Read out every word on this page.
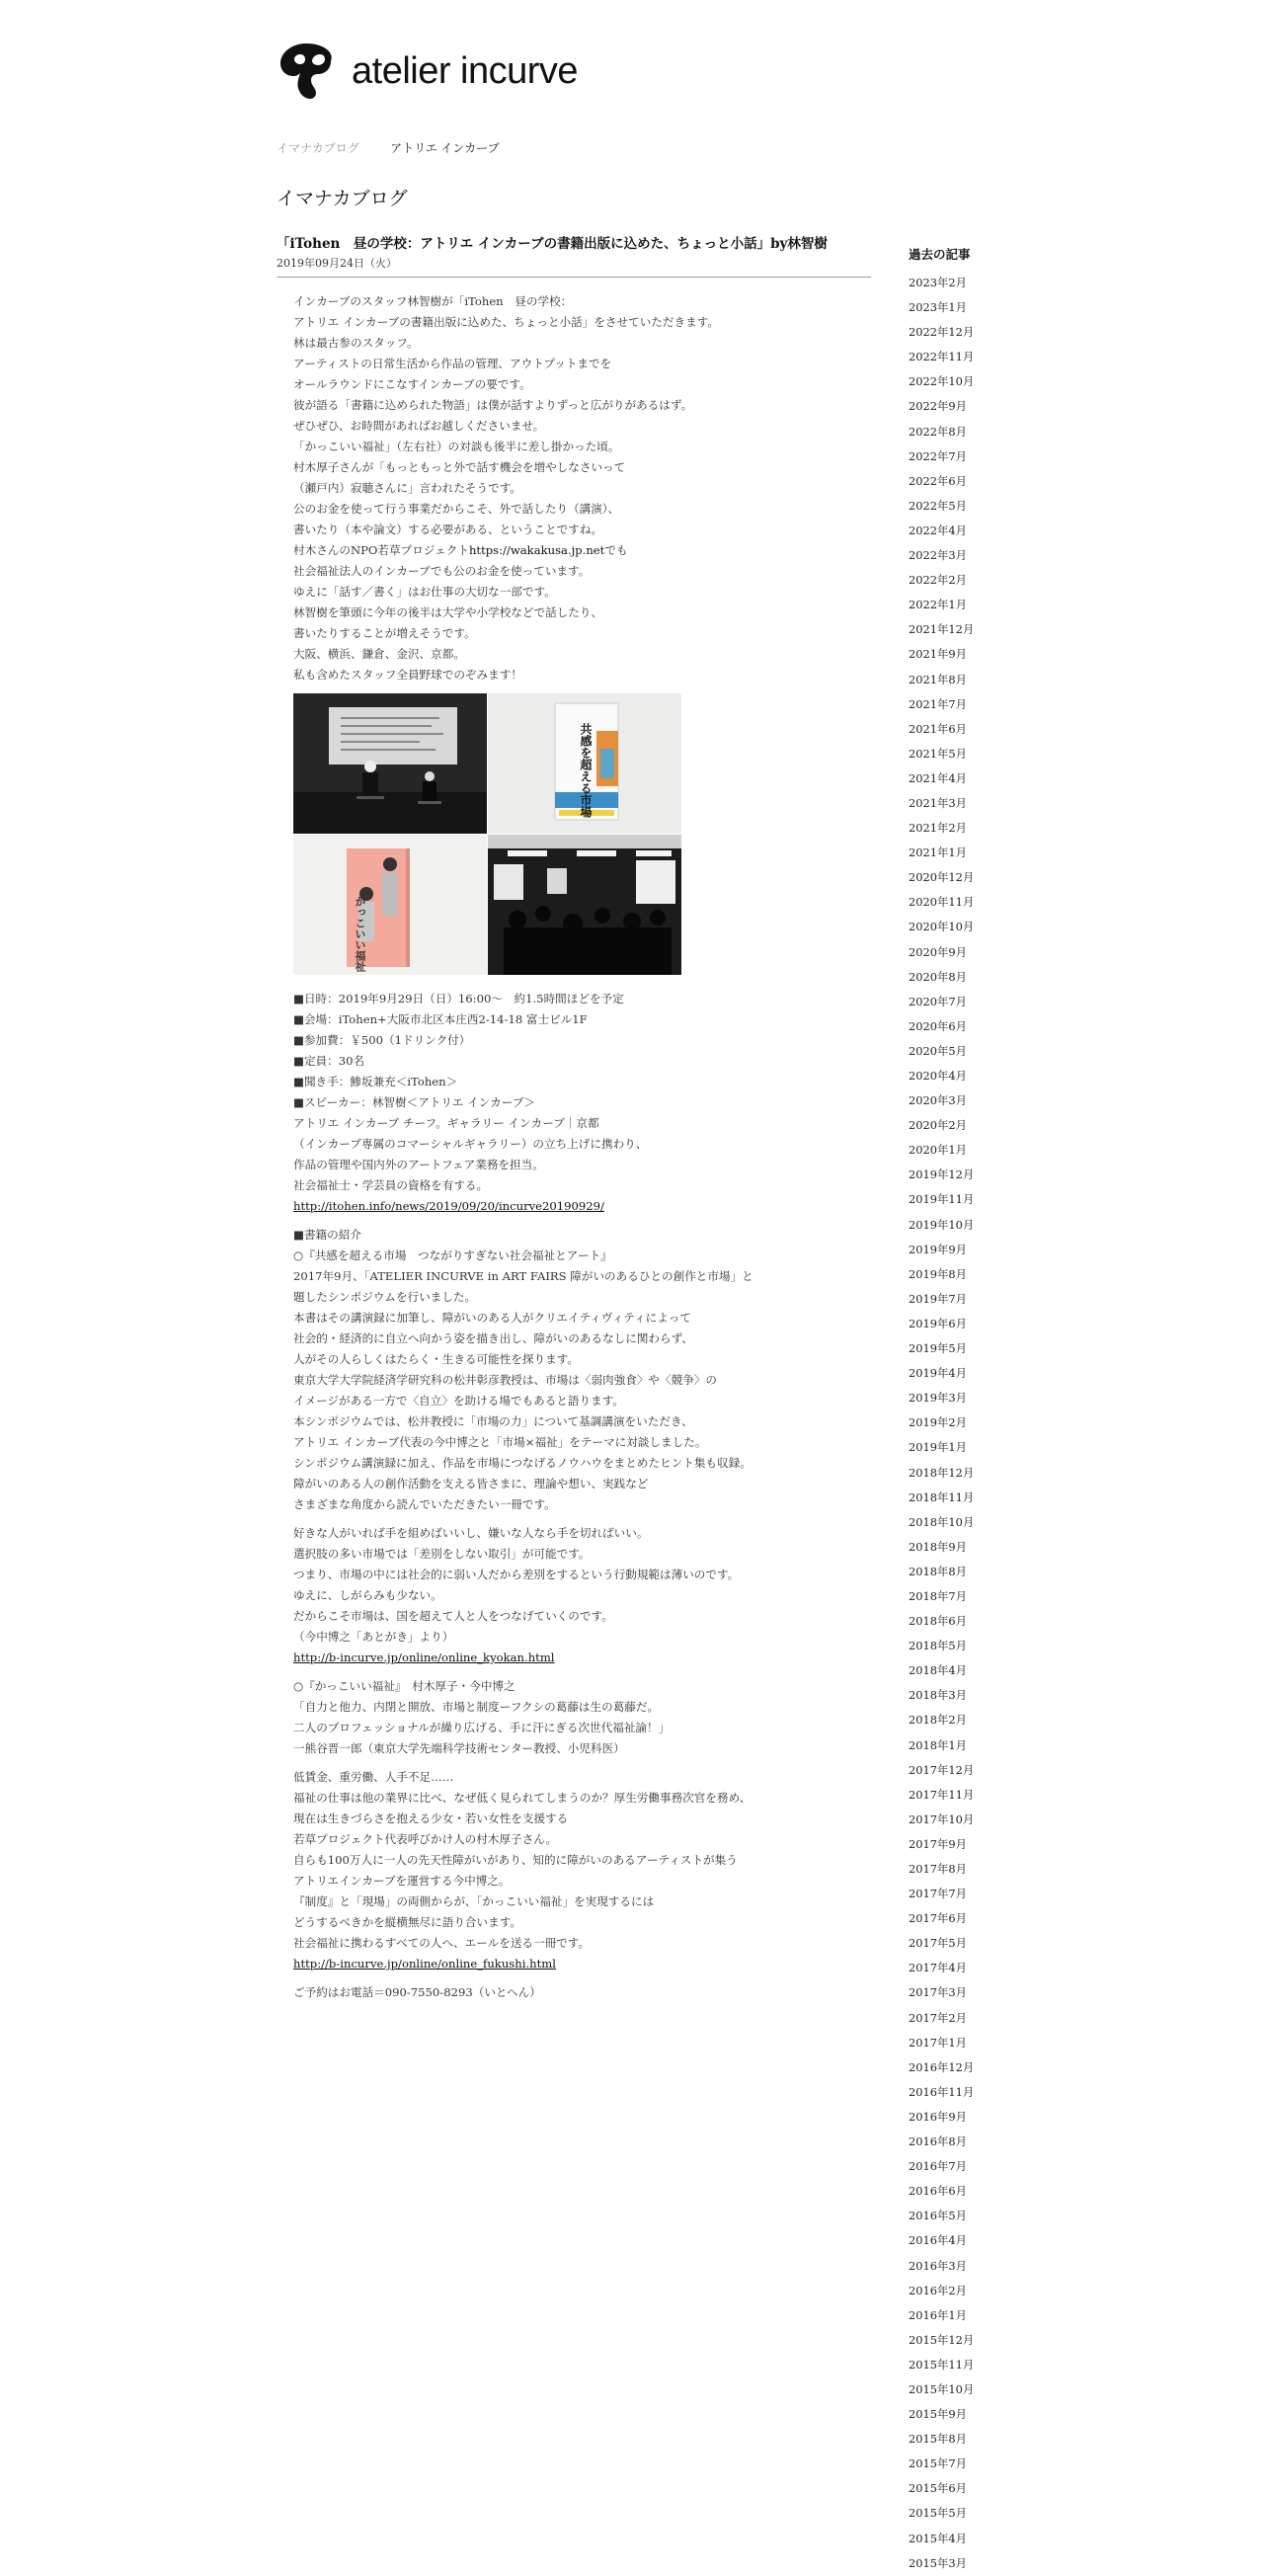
atelier incurve
イマナカブログ	アトリエ インカーブ
イマナカブログ
「iTohen　昼の学校：アトリエ インカーブの書籍出版に込めた、ちょっと小話」by林智樹
2019年09月24日（火）

インカーブのスタッフ林智樹が「iTohen　昼の学校：

アトリエ インカーブの書籍出版に込めた、ちょっと小話」をさせていただきます。

林は最古参のスタッフ。

アーティストの日常生活から作品の管理、アウトプットまでを

オールラウンドにこなすインカーブの要です。

彼が語る「書籍に込められた物語」は僕が話すよりずっと広がりがあるはず。

ぜひぜひ、お時間があればお越しくださいませ。

「かっこいい福祉」（左右社）の対談も後半に差し掛かった頃。

村木厚子さんが「もっともっと外で話す機会を増やしなさいって

（瀬戸内）寂聴さんに」言われたそうです。

公のお金を使って行う事業だからこそ、外で話したり（講演）、

書いたり（本や論文）する必要がある、ということですね。

村木さんのNPO若草プロジェクトhttps://wakakusa.jp.netでも

社会福祉法人のインカーブでも公のお金を使っています。

ゆえに「話す／書く」はお仕事の大切な一部です。

林智樹を筆頭に今年の後半は大学や小学校などで話したり、

書いたりすることが増えそうです。

大阪、横浜、鎌倉、金沢、京都。

私も含めたスタッフ全員野球でのぞみます！

共感を超える市場
かっこいい福祉

■日時：2019年9月29日（日）16:00～　約1.5時間ほどを予定

■会場：iTohen+大阪市北区本庄西2-14-18 富士ビル1F

■参加費：￥500（1ドリンク付）

■定員：30名

■聞き手：鯵坂兼充＜iTohen＞

■スピーカー：林智樹＜アトリエ インカーブ＞

アトリエ インカーブ チーフ。ギャラリー インカーブ｜京都

（インカーブ専属のコマーシャルギャラリー）の立ち上げに携わり、

作品の管理や国内外のアートフェア業務を担当。

社会福祉士・学芸員の資格を有する。

http://itohen.info/news/2019/09/20/incurve20190929/

■書籍の紹介

○『共感を超える市場　つながりすぎない社会福祉とアート』

2017年9月、「ATELIER INCURVE in ART FAIRS 障がいのあるひとの創作と市場」と

題したシンポジウムを行いました。

本書はその講演録に加筆し、障がいのある人がクリエイティヴィティによって

社会的・経済的に自立へ向かう姿を描き出し、障がいのあるなしに関わらず、

人がその人らしくはたらく・生きる可能性を探ります。

東京大学大学院経済学研究科の松井彰彦教授は、市場は〈弱肉強食〉や〈競争〉の

イメージがある一方で〈自立〉を助ける場でもあると語ります。

本シンポジウムでは、松井教授に「市場の力」について基調講演をいただき、

アトリエ インカーブ代表の今中博之と「市場×福祉」をテーマに対談しました。

シンポジウム講演録に加え、作品を市場につなげるノウハウをまとめたヒント集も収録。

障がいのある人の創作活動を支える皆さまに、理論や想い、実践など

さまざまな角度から読んでいただきたい一冊です。

好きな人がいれば手を組めばいいし、嫌いな人なら手を切ればいい。

選択肢の多い市場では「差別をしない取引」が可能です。

つまり、市場の中には社会的に弱い人だから差別をするという行動規範は薄いのです。

ゆえに、しがらみも少ない。

だからこそ市場は、国を超えて人と人をつなげていくのです。

（今中博之「あとがき」より）

http://b-incurve.jp/online/online_kyokan.html

○『かっこいい福祉』　村木厚子・今中博之

「自力と他力、内閉と開放、市場と制度ーフクシの葛藤は生の葛藤だ。

二人のプロフェッショナルが繰り広げる、手に汗にぎる次世代福祉論！」

一熊谷晋一郎（東京大学先端科学技術センター教授、小児科医）

低賃金、重労働、人手不足……

福祉の仕事は他の業界に比べ、なぜ低く見られてしまうのか？厚生労働事務次官を務め、

現在は生きづらさを抱える少女・若い女性を支援する

若草プロジェクト代表呼びかけ人の村木厚子さん。

自らも100万人に一人の先天性障がいがあり、知的に障がいのあるアーティストが集う

アトリエインカーブを運営する今中博之。

『制度』と「現場」の両側からが、「かっこいい福祉」を実現するには

どうするべきかを縦横無尽に語り合います。

社会福祉に携わるすべての人へ、エールを送る一冊です。

http://b-incurve.jp/online/online_fukushi.html

ご予約はお電話＝090-7550-8293（いとへん）

過去の記事
2023年2月
2023年1月
2022年12月
2022年11月
2022年10月
2022年9月
2022年8月
2022年7月
2022年6月
2022年5月
2022年4月
2022年3月
2022年2月
2022年1月
2021年12月
2021年9月
2021年8月
2021年7月
2021年6月
2021年5月
2021年4月
2021年3月
2021年2月
2021年1月
2020年12月
2020年11月
2020年10月
2020年9月
2020年8月
2020年7月
2020年6月
2020年5月
2020年4月
2020年3月
2020年2月
2020年1月
2019年12月
2019年11月
2019年10月
2019年9月
2019年8月
2019年7月
2019年6月
2019年5月
2019年4月
2019年3月
2019年2月
2019年1月
2018年12月
2018年11月
2018年10月
2018年9月
2018年8月
2018年7月
2018年6月
2018年5月
2018年4月
2018年3月
2018年2月
2018年1月
2017年12月
2017年11月
2017年10月
2017年9月
2017年8月
2017年7月
2017年6月
2017年5月
2017年4月
2017年3月
2017年2月
2017年1月
2016年12月
2016年11月
2016年9月
2016年8月
2016年7月
2016年6月
2016年5月
2016年4月
2016年3月
2016年2月
2016年1月
2015年12月
2015年11月
2015年10月
2015年9月
2015年8月
2015年7月
2015年6月
2015年5月
2015年4月
2015年3月
